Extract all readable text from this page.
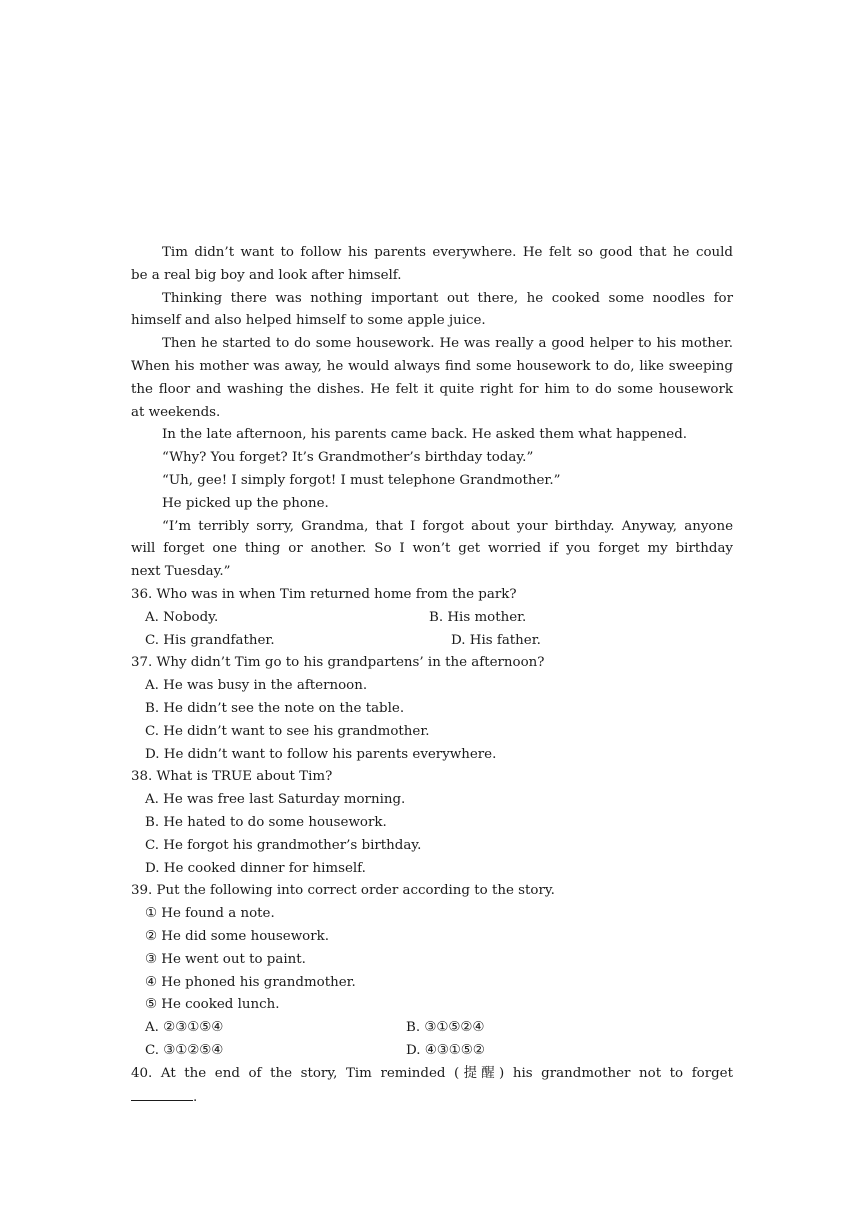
Tim didn’t want to follow his parents everywhere. He felt so good that he could
be a real big boy and look after himself.
Thinking there was nothing important out there, he cooked some noodles for
himself and also helped himself to some apple juice.
Then he started to do some housework. He was really a good helper to his mother.
When his mother was away, he would always find some housework to do, like sweeping
the floor and washing the dishes. He felt it quite right for him to do some housework
at weekends.
In the late afternoon, his parents came back. He asked them what happened.
“Why? You forget? It’s Grandmother’s birthday today.”
“Uh, gee! I simply forgot! I must telephone Grandmother.”
He picked up the phone.
“I’m terribly sorry, Grandma, that I forgot about your birthday. Anyway, anyone
will forget one thing or another. So I won’t get worried if you forget my birthday
next Tuesday.”
36. Who was in when Tim returned home from the park?
A. Nobody.	B. His mother.
C. His grandfather.	D. His father.
37. Why didn’t Tim go to his grandpartens’ in the afternoon?
A. He was busy in the afternoon.
B. He didn’t see the note on the table.
C. He didn’t want to see his grandmother.
D. He didn’t want to follow his parents everywhere.
38. What is TRUE about Tim?
A. He was free last Saturday morning.
B. He hated to do some housework.
C. He forgot his grandmother’s birthday.
D. He cooked dinner for himself.
39. Put the following into correct order according to the story.
① He found a note.
② He did some housework.
③ He went out to paint.
④ He phoned his grandmother.
⑤ He cooked lunch.
A. ②③①⑤④	B. ③①⑤②④
C. ③①②⑤④	D. ④③①⑤②
40. At the end of the story, Tim reminded (提醒) his grandmother not to forget
.
